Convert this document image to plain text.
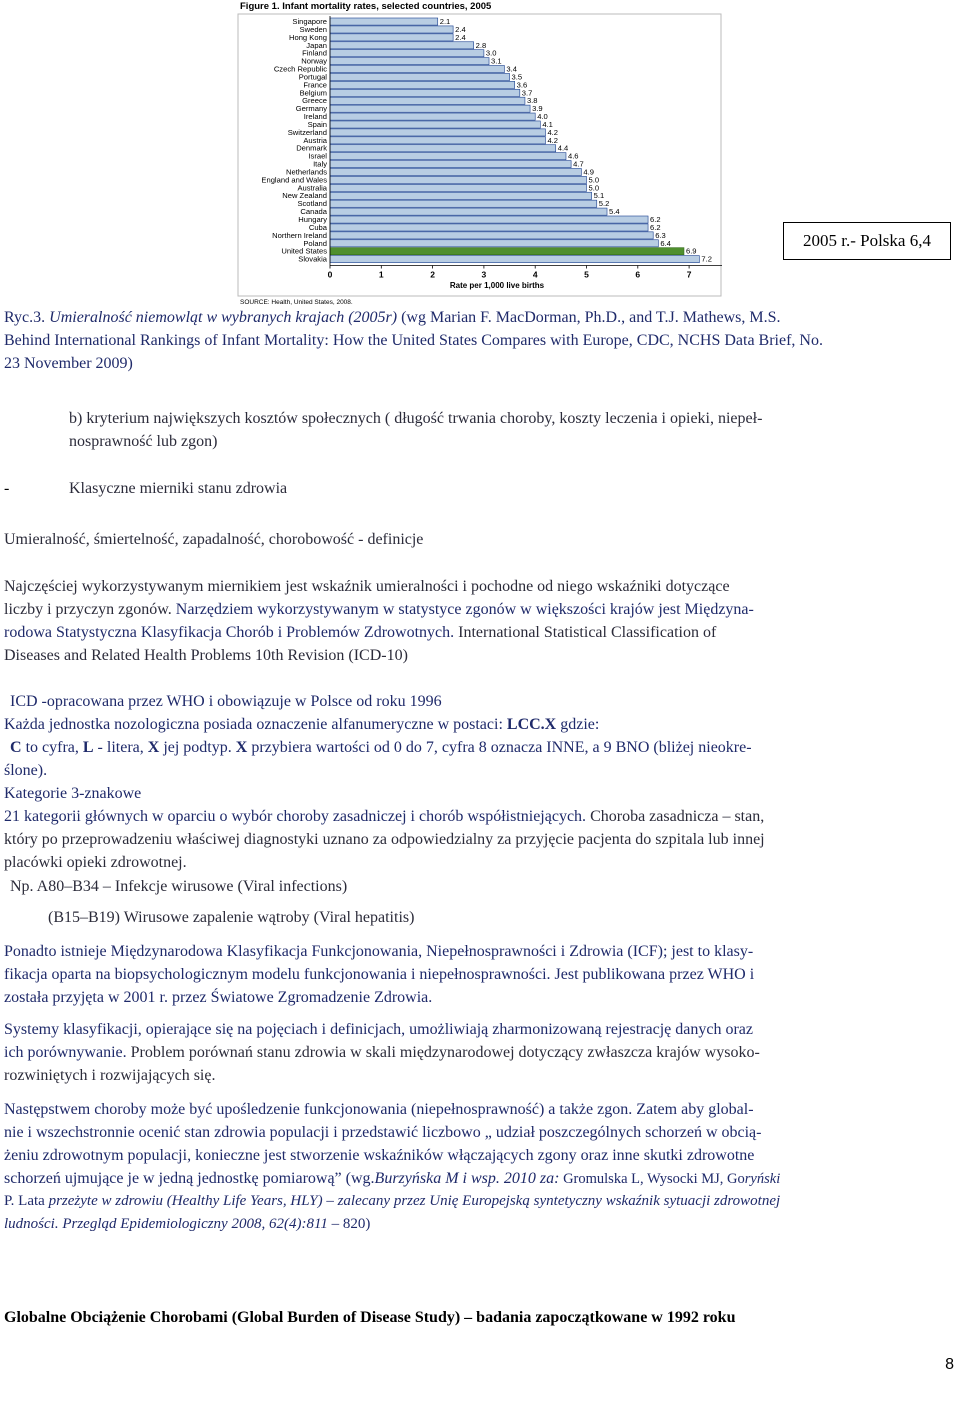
Figure 1. Infant mortality rates, selected countries, 2005
Singapore	2.1
Sweden	2.4
Hong Kong	2.4
Japan	2.8
Finland	3.0
Norway	3.1
Czech Republic	3.4
Portugal	3.5
France	3.6
Belgium	3.7
Greece	3.8
Germany	3.9
Ireland	4.0
Spain	4.1
Switzerland	4.2
Austria	4.2
Denmark	4.4
Israel	4.6
Italy	4.7
Netherlands	4.9
England and Wales	5.0
Australia	5.0
New Zealand	5.1
Scotland	5.2
Canada	5.4
Hungary	6.2
Cuba	6.2
Northern Ireland	6.3
Poland	6.4
United States	6.9
Slovakia	7.2
0	1	2	3	4	5	6	7
Rate per 1,000 live births
SOURCE: Health, United States, 2008.
2005 r.- Polska 6,4
Ryc.3. Umieralność niemowląt w wybranych krajach (2005r) (wg Marian F. MacDorman, Ph.D., and T.J. Mathews, M.S.
Behind International Rankings of Infant Mortality: How the United States Compares with Europe, CDC, NCHS Data Brief, No.
23 November 2009)
b) kryterium największych kosztów społecznych ( długość trwania choroby, koszty leczenia i opieki, niepeł-
nosprawność lub zgon)
-	Klasyczne mierniki stanu zdrowia
Umieralność, śmiertelność, zapadalność, chorobowość - definicje
Najczęściej wykorzystywanym miernikiem jest wskaźnik umieralności i pochodne od niego wskaźniki dotyczące
liczby i przyczyn zgonów. Narzędziem wykorzystywanym w statystyce zgonów w większości krajów jest Międzyna-
rodowa Statystyczna Klasyfikacja Chorób i Problemów Zdrowotnych. International Statistical Classification of
Diseases and Related Health Problems 10th Revision (ICD-10)
ICD -opracowana przez WHO i obowiązuje w Polsce od roku 1996
Każda jednostka nozologiczna posiada oznaczenie alfanumeryczne w postaci: LCC.X gdzie:
C to cyfra, L - litera, X jej podtyp. X przybiera wartości od 0 do 7, cyfra 8 oznacza INNE, a 9 BNO (bliżej nieokre-
ślone).
Kategorie 3-znakowe
21 kategorii głównych w oparciu o wybór choroby zasadniczej i chorób współistniejących. Choroba zasadnicza – stan,
który po przeprowadzeniu właściwej diagnostyki uznano za odpowiedzialny za przyjęcie pacjenta do szpitala lub innej
placówki opieki zdrowotnej.
Np. A80–B34 – Infekcje wirusowe (Viral infections)
(B15–B19) Wirusowe zapalenie wątroby (Viral hepatitis)
Ponadto istnieje Międzynarodowa Klasyfikacja Funkcjonowania, Niepełnosprawności i Zdrowia (ICF); jest to klasy-
fikacja oparta na biopsychologicznym modelu funkcjonowania i niepełnosprawności. Jest publikowana przez WHO i
została przyjęta w 2001 r. przez Światowe Zgromadzenie Zdrowia.
Systemy klasyfikacji, opierające się na pojęciach i definicjach, umożliwiają zharmonizowaną rejestrację danych oraz
ich porównywanie. Problem porównań stanu zdrowia w skali międzynarodowej dotyczący zwłaszcza krajów wysoko-
rozwiniętych i rozwijających się.
Następstwem choroby może być upośledzenie funkcjonowania (niepełnosprawność) a także zgon. Zatem aby global-
nie i wszechstronnie ocenić stan zdrowia populacji i przedstawić liczbowo „ udział poszczególnych schorzeń w obcią-
żeniu zdrowotnym populacji, konieczne jest stworzenie wskaźników włączających zgony oraz inne skutki zdrowotne
schorzeń ujmujące je w jedną jednostkę pomiarową” (wg.Burzyńska M i wsp. 2010 za: Gromulska L, Wysocki MJ, Goryński
P. Lata przeżyte w zdrowiu (Healthy Life Years, HLY) – zalecany przez Unię Europejską syntetyczny wskaźnik sytuacji zdrowotnej
ludności. Przegląd Epidemiologiczny 2008, 62(4):811 – 820)
Globalne Obciążenie Chorobami (Global Burden of Disease Study) – badania zapoczątkowane w 1992 roku
8
